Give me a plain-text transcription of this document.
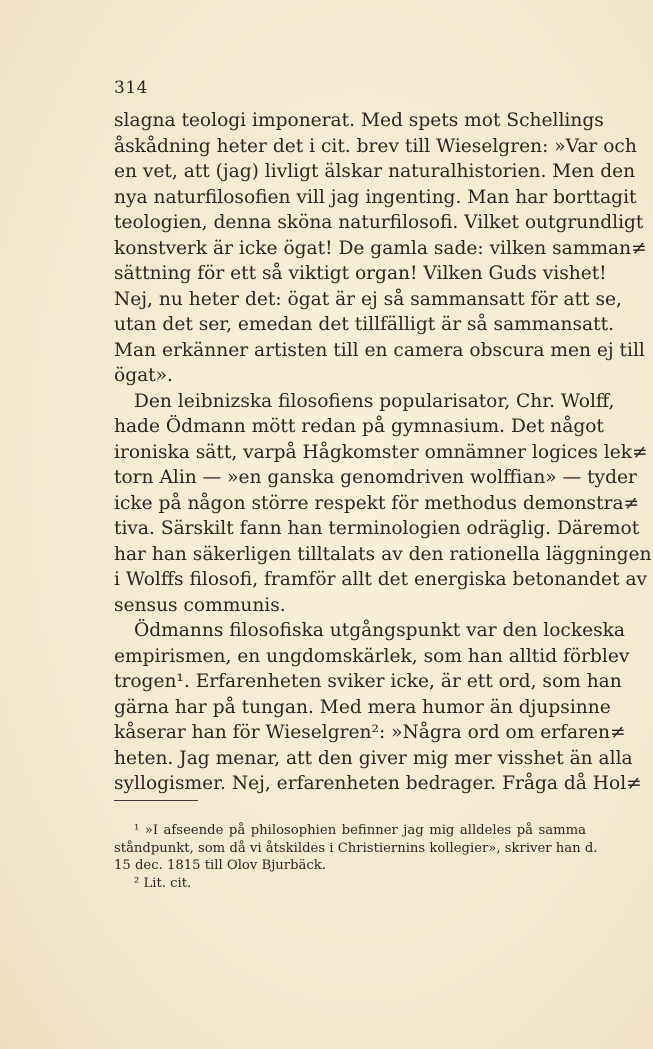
314
slagna teologi imponerat. Med spets mot Schellings
åskådning heter det i cit. brev till Wieselgren: »Var och
en vet, att (jag) livligt älskar naturalhistorien. Men den
nya naturfilosofien vill jag ingenting. Man har borttagit
teologien, denna sköna naturfilosofi. Vilket outgrundligt
konstverk är icke ögat! De gamla sade: vilken samman≠
sättning för ett så viktigt organ! Vilken Guds vishet!
Nej, nu heter det: ögat är ej så sammansatt för att se,
utan det ser, emedan det tillfälligt är så sammansatt.
Man erkänner artisten till en camera obscura men ej till
ögat».
Den leibnizska filosofiens popularisator, Chr. Wolff,
hade Ödmann mött redan på gymnasium. Det något
ironiska sätt, varpå Hågkomster omnämner logices lek≠
torn Alin — »en ganska genomdriven wolffian» — tyder
icke på någon större respekt för methodus demonstra≠
tiva. Särskilt fann han terminologien odräglig. Däremot
har han säkerligen tilltalats av den rationella läggningen
i Wolffs filosofi, framför allt det energiska betonandet av
sensus communis.
Ödmanns filosofiska utgångspunkt var den lockeska
empirismen, en ungdomskärlek, som han alltid förblev
trogen¹. Erfarenheten sviker icke, är ett ord, som han
gärna har på tungan. Med mera humor än djupsinne
kåserar han för Wieselgren²: »Några ord om erfaren≠
heten. Jag menar, att den giver mig mer visshet än alla
syllogismer. Nej, erfarenheten bedrager. Fråga då Hol≠
¹ »I afseende på philosophien befinner jag mig alldeles på samma
ståndpunkt, som då vi åtskildes i Christiernins kollegier», skriver han d.
15 dec. 1815 till Olov Bjurbäck.
² Lit. cit.
